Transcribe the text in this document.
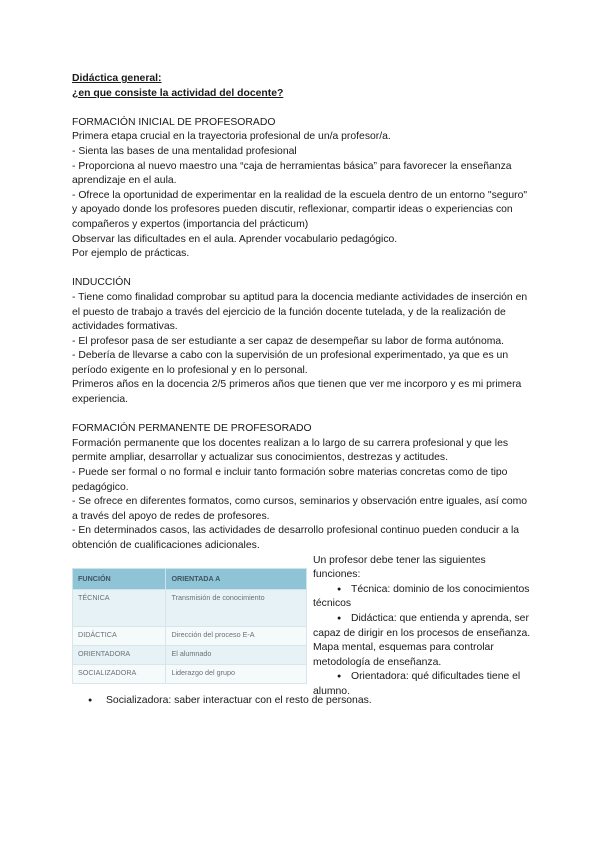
Didáctica general:
¿en que consiste la actividad del docente?

FORMACIÓN INICIAL DE PROFESORADO

Primera etapa crucial en la trayectoria profesional de un/a profesor/a.

- Sienta las bases de una mentalidad profesional

- Proporciona al nuevo maestro una “caja de herramientas básica” para favorecer la enseñanza aprendizaje en el aula.

- Ofrece la oportunidad de experimentar en la realidad de la escuela dentro de un entorno "seguro" y apoyado donde los profesores pueden discutir, reflexionar, compartir ideas o experiencias con compañeros y expertos (importancia del prácticum)

Observar las dificultades en el aula. Aprender vocabulario pedagógico.

Por ejemplo de prácticas.

INDUCCIÓN

- Tiene como finalidad comprobar su aptitud para la docencia mediante actividades de inserción en el puesto de trabajo a través del ejercicio de la función docente tutelada, y de la realización de actividades formativas.

- El profesor pasa de ser estudiante a ser capaz de desempeñar su labor de forma autónoma.

- Debería de llevarse a cabo con la supervisión de un profesional experimentado, ya que es un período exigente en lo profesional y en lo personal.

Primeros años en la docencia 2/5 primeros años que tienen que ver me incorporo y es mi primera experiencia.

FORMACIÓN PERMANENTE DE PROFESORADO

Formación permanente que los docentes realizan a lo largo de su carrera profesional y que les permite ampliar, desarrollar y actualizar sus conocimientos, destrezas y actitudes.

- Puede ser formal o no formal e incluir tanto formación sobre materias concretas como de tipo pedagógico.

- Se ofrece en diferentes formatos, como cursos, seminarios y observación entre iguales, así como a través del apoyo de redes de profesores.

- En determinados casos, las actividades de desarrollo profesional continuo pueden conducir a la obtención de cualificaciones adicionales.

FUNCIÓN	ORIENTADA A
TÉCNICA	Transmisión de conocimiento
DIDÁCTICA	Dirección del proceso E-A
ORIENTADORA	El alumnado
SOCIALIZADORA	Liderazgo del grupo

Un profesor debe tener las siguientes funciones:

● Técnica: dominio de los conocimientos técnicos
● Didáctica: que entienda y aprenda, ser capaz de dirigir en los procesos de enseñanza. Mapa mental, esquemas para controlar metodología de enseñanza.
● Orientadora: qué dificultades tiene el alumno.
● Socializadora: saber interactuar con el resto de personas.
